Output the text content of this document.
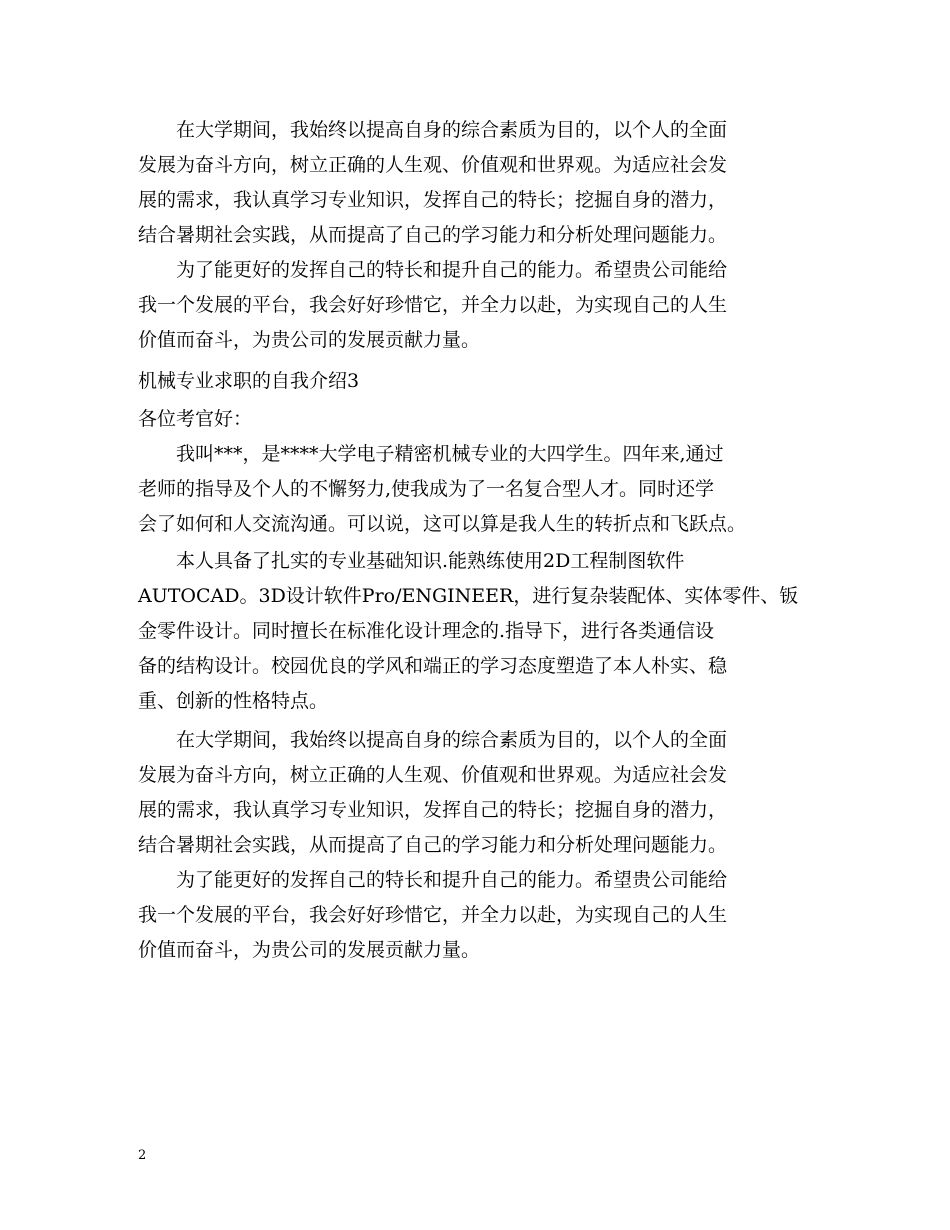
　　在大学期间，我始终以提高自身的综合素质为目的，以个人的全面
发展为奋斗方向，树立正确的人生观、价值观和世界观。为适应社会发
展的需求，我认真学习专业知识，发挥自己的特长；挖掘自身的潜力，
结合暑期社会实践，从而提高了自己的学习能力和分析处理问题能力。
　　为了能更好的发挥自己的特长和提升自己的能力。希望贵公司能给
我一个发展的平台，我会好好珍惜它，并全力以赴，为实现自己的人生
价值而奋斗，为贵公司的发展贡献力量。
机械专业求职的自我介绍3
各位考官好：
　　我叫***，是****大学电子精密机械专业的大四学生。四年来,通过
老师的指导及个人的不懈努力,使我成为了一名复合型人才。同时还学
会了如何和人交流沟通。可以说，这可以算是我人生的转折点和飞跃点。
　　本人具备了扎实的专业基础知识.能熟练使用2D工程制图软件
AUTOCAD。3D设计软件Pro/ENGINEER，进行复杂装配体、实体零件、钣
金零件设计。同时擅长在标准化设计理念的.指导下，进行各类通信设
备的结构设计。校园优良的学风和端正的学习态度塑造了本人朴实、稳
重、创新的性格特点。
　　在大学期间，我始终以提高自身的综合素质为目的，以个人的全面
发展为奋斗方向，树立正确的人生观、价值观和世界观。为适应社会发
展的需求，我认真学习专业知识，发挥自己的特长；挖掘自身的潜力，
结合暑期社会实践，从而提高了自己的学习能力和分析处理问题能力。
　　为了能更好的发挥自己的特长和提升自己的能力。希望贵公司能给
我一个发展的平台，我会好好珍惜它，并全力以赴，为实现自己的人生
价值而奋斗，为贵公司的发展贡献力量。
2
